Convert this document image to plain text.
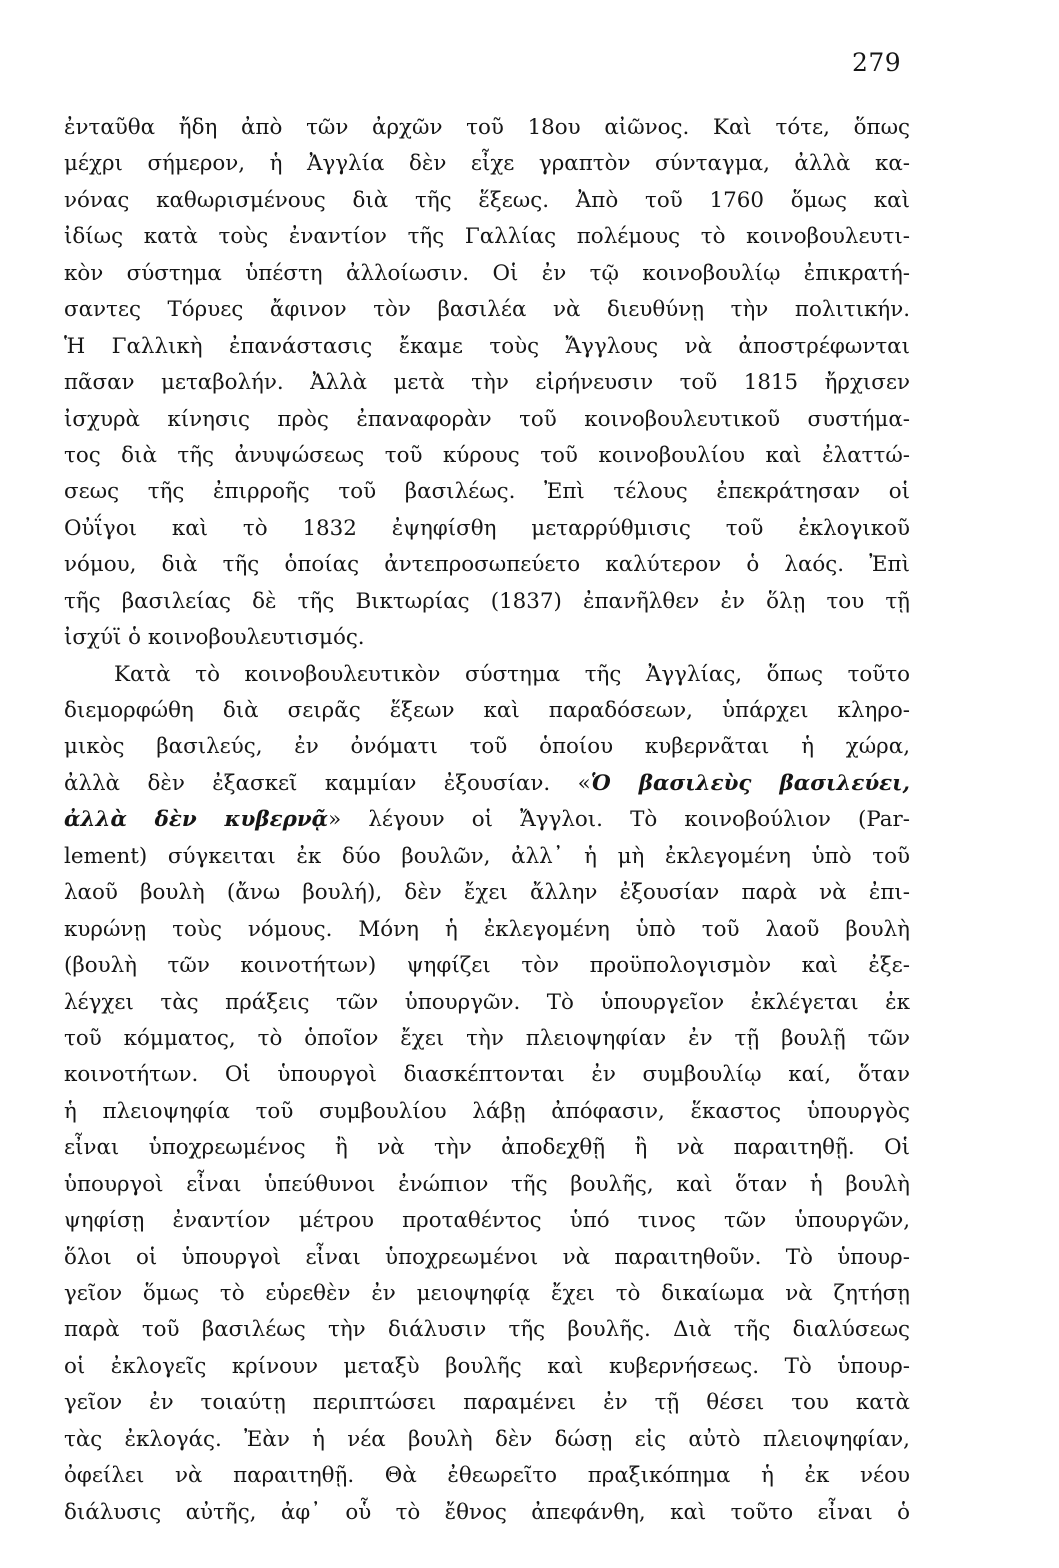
279
ἐνταῦθα ἤδη ἀπὸ τῶν ἀρχῶν τοῦ 18ου αἰῶνος. Καὶ τότε, ὅπως
μέχρι σήμερον, ἡ Ἀγγλία δὲν εἶχε γραπτὸν σύνταγμα, ἀλλὰ κα-
νόνας καθωρισμένους διὰ τῆς ἕξεως. Ἀπὸ τοῦ 1760 ὅμως καὶ
ἰδίως κατὰ τοὺς ἐναντίον τῆς Γαλλίας πολέμους τὸ κοινοβουλευτι-
κὸν σύστημα ὑπέστη ἀλλοίωσιν. Οἱ ἐν τῷ κοινοβουλίῳ ἐπικρατή-
σαντες Τόρυες ἄφινον τὸν βασιλέα νὰ διευθύνῃ τὴν πολιτικήν.
Ἡ Γαλλικὴ ἐπανάστασις ἔκαμε τοὺς Ἄγγλους νὰ ἀποστρέφωνται
πᾶσαν μεταβολήν. Ἀλλὰ μετὰ τὴν εἰρήνευσιν τοῦ 1815 ἤρχισεν
ἰσχυρὰ κίνησις πρὸς ἐπαναφορὰν τοῦ κοινοβουλευτικοῦ συστήμα-
τος διὰ τῆς ἀνυψώσεως τοῦ κύρους τοῦ κοινοβουλίου καὶ ἐλαττώ-
σεως τῆς ἐπιρροῆς τοῦ βασιλέως. Ἐπὶ τέλους ἐπεκράτησαν οἱ
Οὐΐγοι καὶ τὸ 1832 ἐψηφίσθη μεταρρύθμισις τοῦ ἐκλογικοῦ
νόμου, διὰ τῆς ὁποίας ἀντεπροσωπεύετο καλύτερον ὁ λαός. Ἐπὶ
τῆς βασιλείας δὲ τῆς Βικτωρίας (1837) ἐπανῆλθεν ἐν ὅλῃ του τῇ
ἰσχύϊ ὁ κοινοβουλευτισμός.
Κατὰ τὸ κοινοβουλευτικὸν σύστημα τῆς Ἀγγλίας, ὅπως τοῦτο
διεμορφώθη διὰ σειρᾶς ἕξεων καὶ παραδόσεων, ὑπάρχει κληρο-
μικὸς βασιλεύς, ἐν ὀνόματι τοῦ ὁποίου κυβερνᾶται ἡ χώρα,
ἀλλὰ δὲν ἐξασκεῖ καμμίαν ἐξουσίαν. «Ὁ βασιλεὺς βασιλεύει,
ἀλλὰ δὲν κυβερνᾷ» λέγουν οἱ Ἄγγλοι. Τὸ κοινοβούλιον (Par-
lement) σύγκειται ἐκ δύο βουλῶν, ἀλλ᾿ ἡ μὴ ἐκλεγομένη ὑπὸ τοῦ
λαοῦ βουλὴ (ἄνω βουλή), δὲν ἔχει ἄλλην ἐξουσίαν παρὰ νὰ ἐπι-
κυρώνῃ τοὺς νόμους. Μόνη ἡ ἐκλεγομένη ὑπὸ τοῦ λαοῦ βουλὴ
(βουλὴ τῶν κοινοτήτων) ψηφίζει τὸν προϋπολογισμὸν καὶ ἐξε-
λέγχει τὰς πράξεις τῶν ὑπουργῶν. Τὸ ὑπουργεῖον ἐκλέγεται ἐκ
τοῦ κόμματος, τὸ ὁποῖον ἔχει τὴν πλειοψηφίαν ἐν τῇ βουλῇ τῶν
κοινοτήτων. Οἱ ὑπουργοὶ διασκέπτονται ἐν συμβουλίῳ καί, ὅταν
ἡ πλειοψηφία τοῦ συμβουλίου λάβῃ ἀπόφασιν, ἕκαστος ὑπουργὸς
εἶναι ὑποχρεωμένος ἢ νὰ τὴν ἀποδεχθῇ ἢ νὰ παραιτηθῇ. Οἱ
ὑπουργοὶ εἶναι ὑπεύθυνοι ἐνώπιον τῆς βουλῆς, καὶ ὅταν ἡ βουλὴ
ψηφίσῃ ἐναντίον μέτρου προταθέντος ὑπό τινος τῶν ὑπουργῶν,
ὅλοι οἱ ὑπουργοὶ εἶναι ὑποχρεωμένοι νὰ παραιτηθοῦν. Τὸ ὑπουρ-
γεῖον ὅμως τὸ εὑρεθὲν ἐν μειοψηφίᾳ ἔχει τὸ δικαίωμα νὰ ζητήσῃ
παρὰ τοῦ βασιλέως τὴν διάλυσιν τῆς βουλῆς. Διὰ τῆς διαλύσεως
οἱ ἐκλογεῖς κρίνουν μεταξὺ βουλῆς καὶ κυβερνήσεως. Τὸ ὑπουρ-
γεῖον ἐν τοιαύτῃ περιπτώσει παραμένει ἐν τῇ θέσει του κατὰ
τὰς ἐκλογάς. Ἐὰν ἡ νέα βουλὴ δὲν δώσῃ εἰς αὐτὸ πλειοψηφίαν,
ὀφείλει νὰ παραιτηθῇ. Θὰ ἐθεωρεῖτο πραξικόπημα ἡ ἐκ νέου
διάλυσις αὐτῆς, ἀφ᾿ οὗ τὸ ἔθνος ἀπεφάνθη, καὶ τοῦτο εἶναι ὁ
